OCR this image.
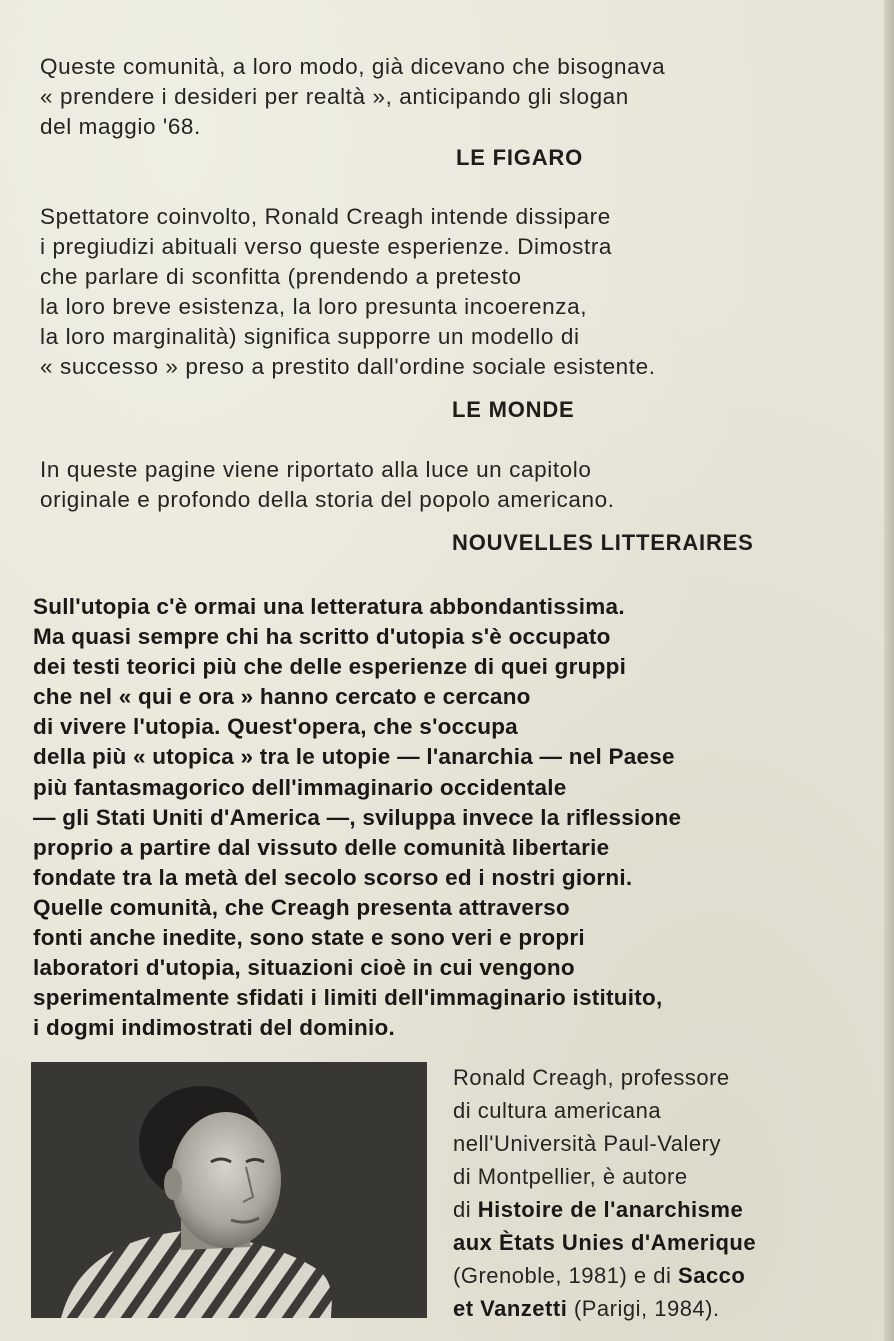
Queste comunità, a loro modo, già dicevano che bisognava
« prendere i desideri per realtà », anticipando gli slogan
del maggio '68.
LE FIGARO
Spettatore coinvolto, Ronald Creagh intende dissipare
i pregiudizi abituali verso queste esperienze. Dimostra
che parlare di sconfitta (prendendo a pretesto
la loro breve esistenza, la loro presunta incoerenza,
la loro marginalità) significa supporre un modello di
« successo » preso a prestito dall'ordine sociale esistente.
LE MONDE
In queste pagine viene riportato alla luce un capitolo
originale e profondo della storia del popolo americano.
NOUVELLES LITTERAIRES
Sull'utopia c'è ormai una letteratura abbondantissima.
Ma quasi sempre chi ha scritto d'utopia s'è occupato
dei testi teorici più che delle esperienze di quei gruppi
che nel « qui e ora » hanno cercato e cercano
di vivere l'utopia. Quest'opera, che s'occupa
della più « utopica » tra le utopie — l'anarchia — nel Paese
più fantasmagorico dell'immaginario occidentale
— gli Stati Uniti d'America —, sviluppa invece la riflessione
proprio a partire dal vissuto delle comunità libertarie
fondate tra la metà del secolo scorso ed i nostri giorni.
Quelle comunità, che Creagh presenta attraverso
fonti anche inedite, sono state e sono veri e propri
laboratori d'utopia, situazioni cioè in cui vengono
sperimentalmente sfidati i limiti dell'immaginario istituito,
i dogmi indimostrati del dominio.
Ronald Creagh, professore
di cultura americana
nell'Università Paul-Valery
di Montpellier, è autore
di Histoire de l'anarchisme
aux Ètats Unies d'Amerique
(Grenoble, 1981) e di Sacco
et Vanzetti (Parigi, 1984).
